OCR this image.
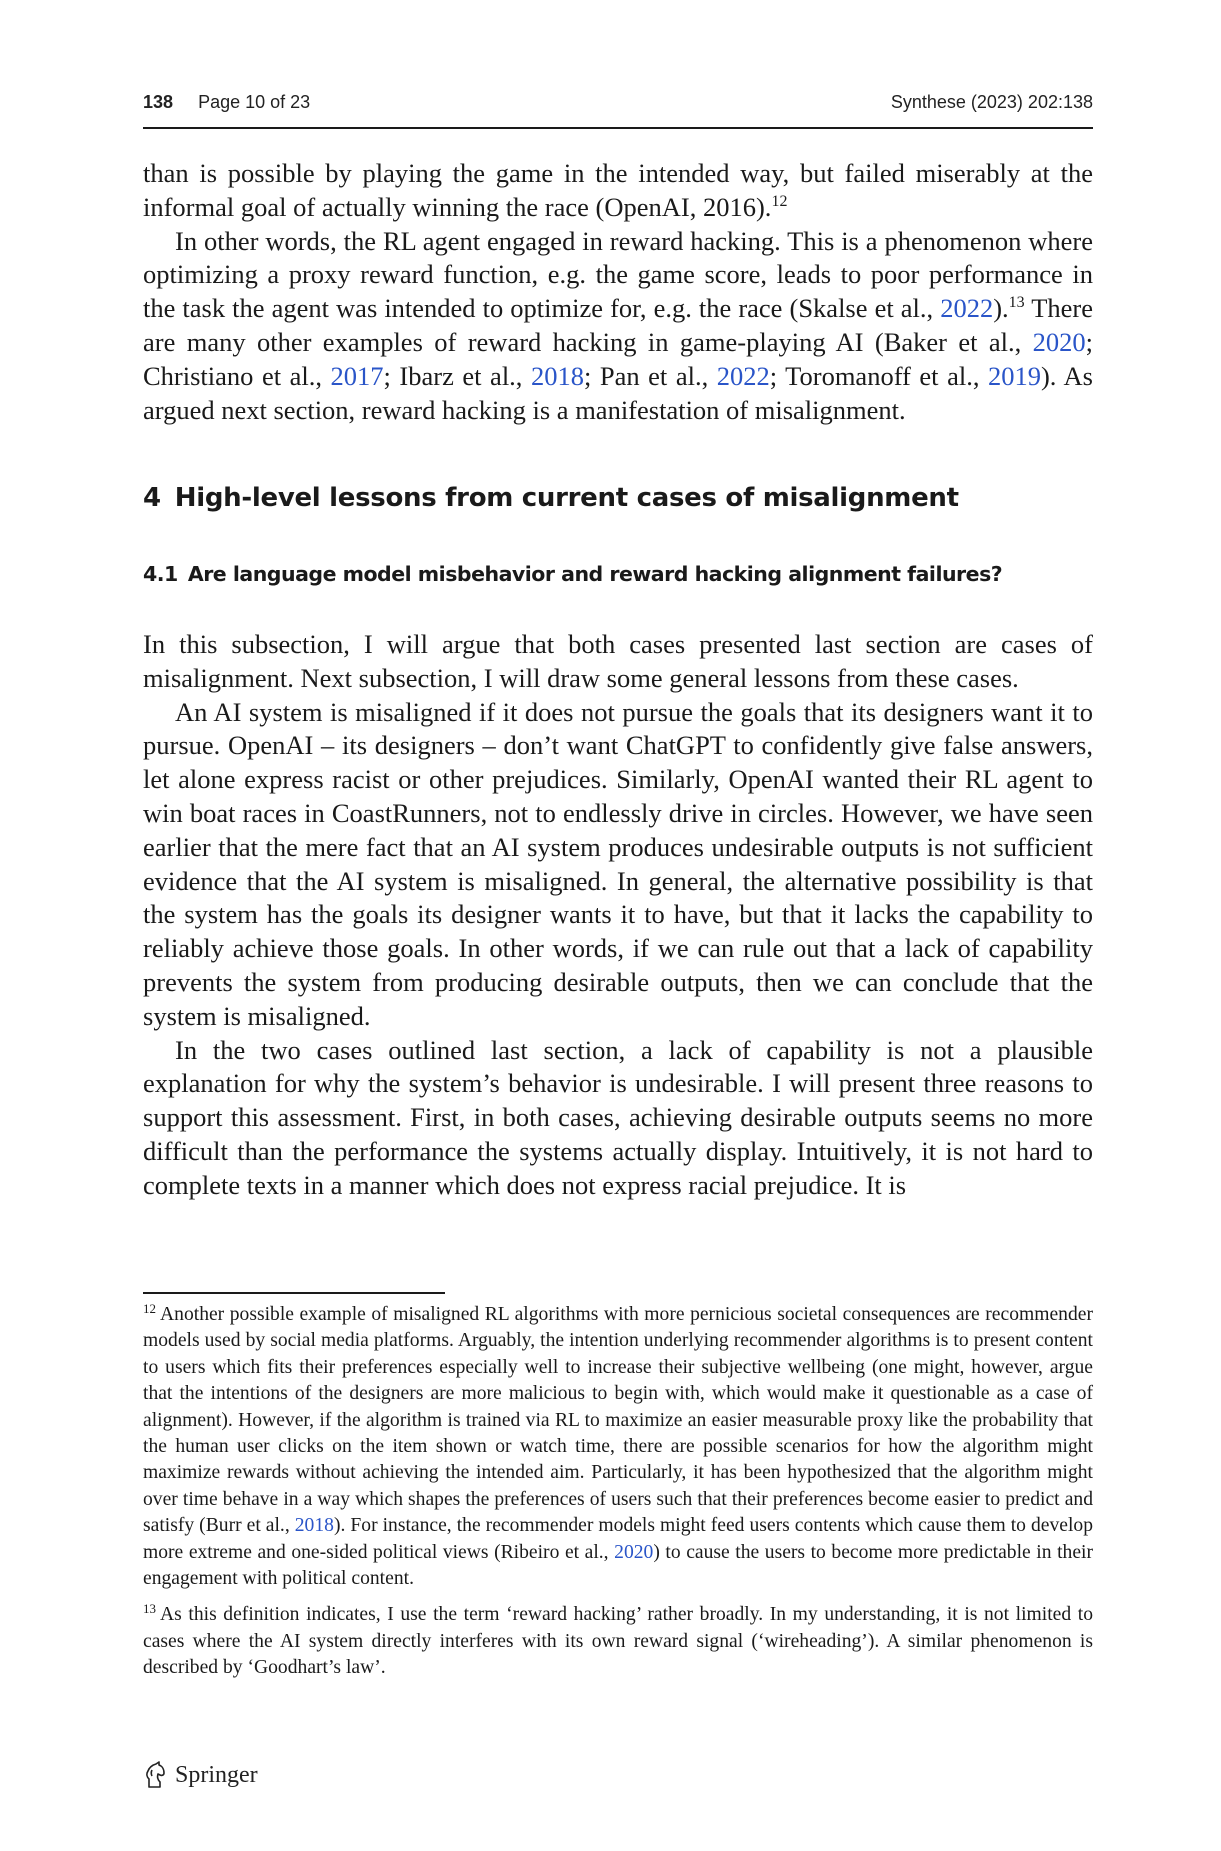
138 Page 10 of 23	Synthese (2023) 202:138

than is possible by playing the game in the intended way, but failed miserably at the informal goal of actually winning the race (OpenAI, 2016).$^{12}$

In other words, the RL agent engaged in reward hacking. This is a phenomenon where optimizing a proxy reward function, e.g. the game score, leads to poor performance in the task the agent was intended to optimize for, e.g. the race (Skalse et al., 2022).$^{13}$ There are many other examples of reward hacking in game-playing AI (Baker et al., 2020; Christiano et al., 2017; Ibarz et al., 2018; Pan et al., 2022; Toromanoff et al., 2019). As argued next section, reward hacking is a manifestation of misalignment.

4 High-level lessons from current cases of misalignment
4.1 Are language model misbehavior and reward hacking alignment failures?

In this subsection, I will argue that both cases presented last section are cases of misalignment. Next subsection, I will draw some general lessons from these cases.

An AI system is misaligned if it does not pursue the goals that its designers want it to pursue. OpenAI – its designers – don’t want ChatGPT to confidently give false answers, let alone express racist or other prejudices. Similarly, OpenAI wanted their RL agent to win boat races in CoastRunners, not to endlessly drive in circles. However, we have seen earlier that the mere fact that an AI system produces undesirable outputs is not sufficient evidence that the AI system is misaligned. In general, the alternative possibility is that the system has the goals its designer wants it to have, but that it lacks the capability to reliably achieve those goals. In other words, if we can rule out that a lack of capability prevents the system from producing desirable outputs, then we can conclude that the system is misaligned.

In the two cases outlined last section, a lack of capability is not a plausible explanation for why the system’s behavior is undesirable. I will present three reasons to support this assessment. First, in both cases, achieving desirable outputs seems no more difficult than the performance the systems actually display. Intuitively, it is not hard to complete texts in a manner which does not express racial prejudice. It is

$^{12}$ Another possible example of misaligned RL algorithms with more pernicious societal consequences are recommender models used by social media platforms. Arguably, the intention underlying recommender algorithms is to present content to users which fits their preferences especially well to increase their subjective wellbeing (one might, however, argue that the intentions of the designers are more malicious to begin with, which would make it questionable as a case of alignment). However, if the algorithm is trained via RL to maximize an easier measurable proxy like the probability that the human user clicks on the item shown or watch time, there are possible scenarios for how the algorithm might maximize rewards without achieving the intended aim. Particularly, it has been hypothesized that the algorithm might over time behave in a way which shapes the preferences of users such that their preferences become easier to predict and satisfy (Burr et al., 2018). For instance, the recommender models might feed users contents which cause them to develop more extreme and one-sided political views (Ribeiro et al., 2020) to cause the users to become more predictable in their engagement with political content.

$^{13}$ As this definition indicates, I use the term ‘reward hacking’ rather broadly. In my understanding, it is not limited to cases where the AI system directly interferes with its own reward signal (‘wireheading’). A similar phenomenon is described by ‘Goodhart’s law’.

Springer
